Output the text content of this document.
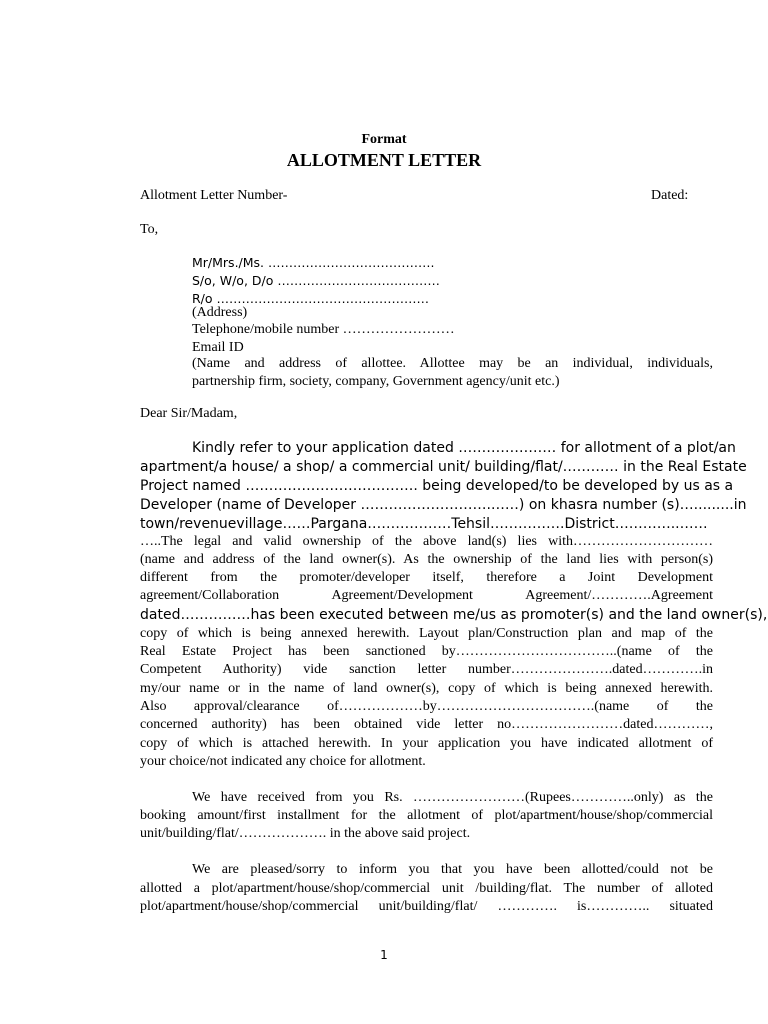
Format
ALLOTMENT LETTER
Allotment Letter Number-	Dated:
To,
Mr/Mrs./Ms. ………………………………….
S/o, W/o, D/o …………………………………
R/o ……………………………………………
(Address)
Telephone/mobile number ……………………
Email ID
(Name and address of allottee. Allottee may be an individual, individuals,
partnership firm, society, company, Government agency/unit etc.)
Dear Sir/Madam,
Kindly refer to your application dated ………………… for allotment of a plot/an
apartment/a house/ a shop/ a commercial unit/ building/flat/………… in the Real Estate
Project named ………………………………. being developed/to be developed by us as a
Developer (name of Developer ……………………….……) on khasra number (s)….........in
town/revenuevillage……Pargana………………Tehsil…………….District…………..……
…..The legal and valid ownership of the above land(s) lies with…………………………
(name and address of the land owner(s). As the ownership of the land lies with person(s)
different from the promoter/developer itself, therefore a Joint Development
agreement/Collaboration Agreement/Development Agreement/………….Agreement
dated……………has been executed between me/us as promoter(s) and the land owner(s),
copy of which is being annexed herewith. Layout plan/Construction plan and map of the
Real Estate Project has been sanctioned by……………………………..(name of the
Competent Authority) vide sanction letter number………………….dated………….in
my/our name or in the name of land owner(s), copy of which is being annexed herewith.
Also approval/clearance of………………by…………………………….(name of the
concerned authority) has been obtained vide letter no……………………dated…………,
copy of which is attached herewith. In your application you have indicated allotment of
your choice/not indicated any choice for allotment.
We have received from you Rs. ……………………(Rupees…………..only) as the
booking amount/first installment for the allotment of plot/apartment/house/shop/commercial
unit/building/flat/………………. in the above said project.
We are pleased/sorry to inform you that you have been allotted/could not be
allotted a plot/apartment/house/shop/commercial unit /building/flat. The number of alloted
plot/apartment/house/shop/commercial unit/building/flat/ …………. is………….. situated
1
